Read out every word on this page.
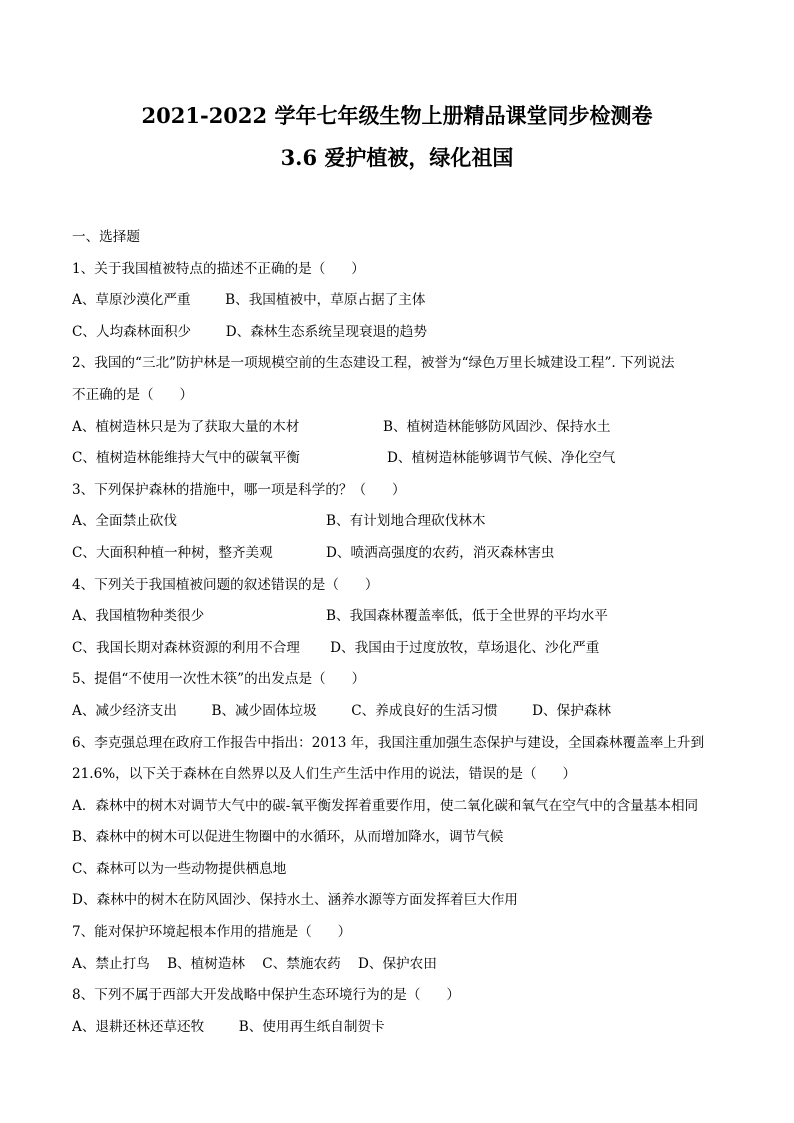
2021-2022 学年七年级生物上册精品课堂同步检测卷
3.6 爱护植被，绿化祖国
一、选择题
1、关于我国植被特点的描述不正确的是（      ）
A、草原沙漠化严重        B、我国植被中，草原占据了主体
C、人均森林面积少        D、森林生态系统呈现衰退的趋势
2、我国的“三北”防护林是一项规模空前的生态建设工程，被誉为“绿色万里长城建设工程”. 下列说法
不正确的是（      ）
A、植树造林只是为了获取大量的木材	B、植树造林能够防风固沙、保持水土
C、植树造林能维持大气中的碳氧平衡	D、植树造林能够调节气候、净化空气
3、下列保护森林的措施中，哪一项是科学的？（      ）
A、全面禁止砍伐	B、有计划地合理砍伐林木
C、大面积种植一种树，整齐美观	D、喷洒高强度的农药，消灭森林害虫
4、下列关于我国植被问题的叙述错误的是（      ）
A、我国植物种类很少	B、我国森林覆盖率低，低于全世界的平均水平
C、我国长期对森林资源的利用不合理       D、我国由于过度放牧，草场退化、沙化严重
5、提倡“不使用一次性木筷”的出发点是（      ）
A、减少经济支出        B、减少固体垃圾        C、养成良好的生活习惯        D、保护森林
6、李克强总理在政府工作报告中指出：2013 年，我国注重加强生态保护与建设，全国森林覆盖率上升到
21.6%，以下关于森林在自然界以及人们生产生活中作用的说法，错误的是（      ）
A．森林中的树木对调节大气中的碳-氧平衡发挥着重要作用，使二氧化碳和氧气在空气中的含量基本相同
B、森林中的树木可以促进生物圈中的水循环，从而增加降水，调节气候
C、森林可以为一些动物提供栖息地
D、森林中的树木在防风固沙、保持水土、涵养水源等方面发挥着巨大作用
7、能对保护环境起根本作用的措施是（      ）
A、禁止打鸟    B、植树造林    C、禁施农药    D、保护农田
8、下列不属于西部大开发战略中保护生态环境行为的是（      ）
A、退耕还林还草还牧        B、使用再生纸自制贺卡
